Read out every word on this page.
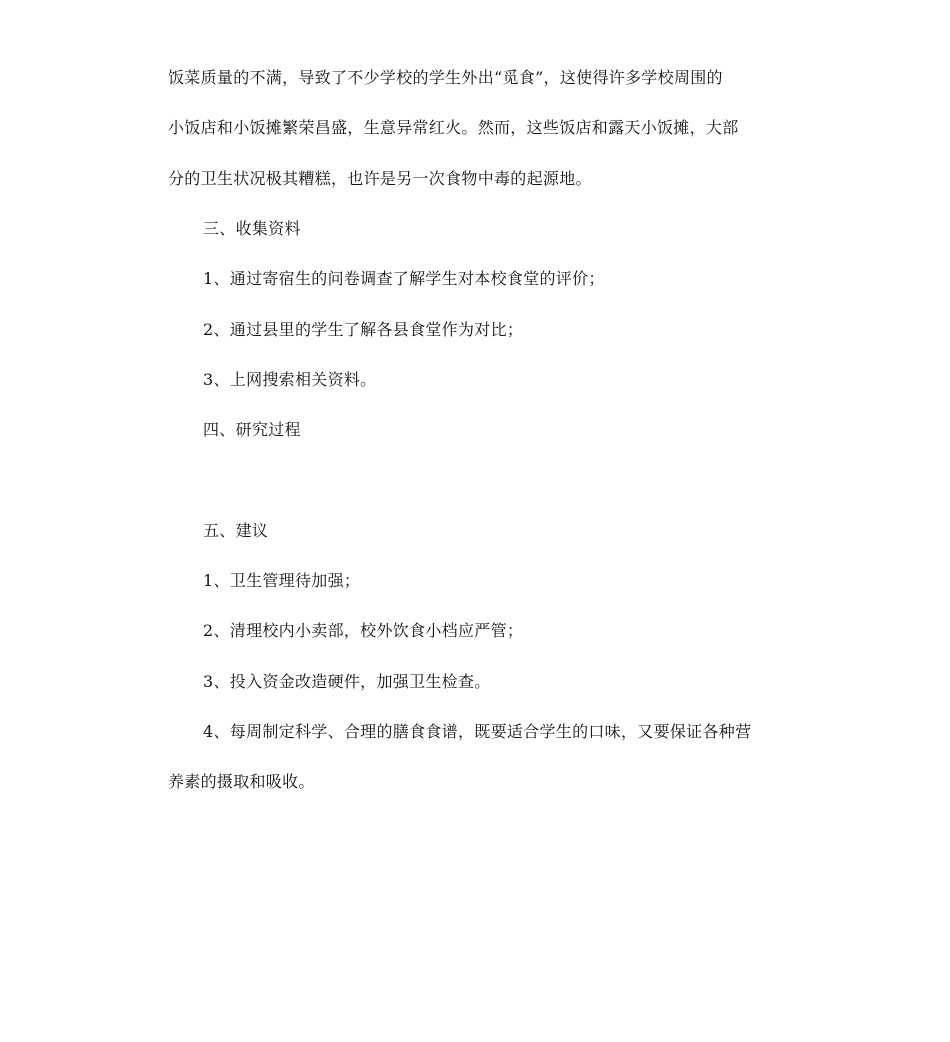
饭菜质量的不满，导致了不少学校的学生外出“觅食”，这使得许多学校周围的
小饭店和小饭摊繁荣昌盛，生意异常红火。然而，这些饭店和露天小饭摊，大部
分的卫生状况极其糟糕，也许是另一次食物中毒的起源地。
三、收集资料
1、通过寄宿生的问卷调查了解学生对本校食堂的评价；
2、通过县里的学生了解各县食堂作为对比；
3、上网搜索相关资料。
四、研究过程
五、建议
1、卫生管理待加强；
2、清理校内小卖部，校外饮食小档应严管；
3、投入资金改造硬件，加强卫生检查。
4、每周制定科学、合理的膳食食谱，既要适合学生的口味，又要保证各种营
养素的摄取和吸收。
